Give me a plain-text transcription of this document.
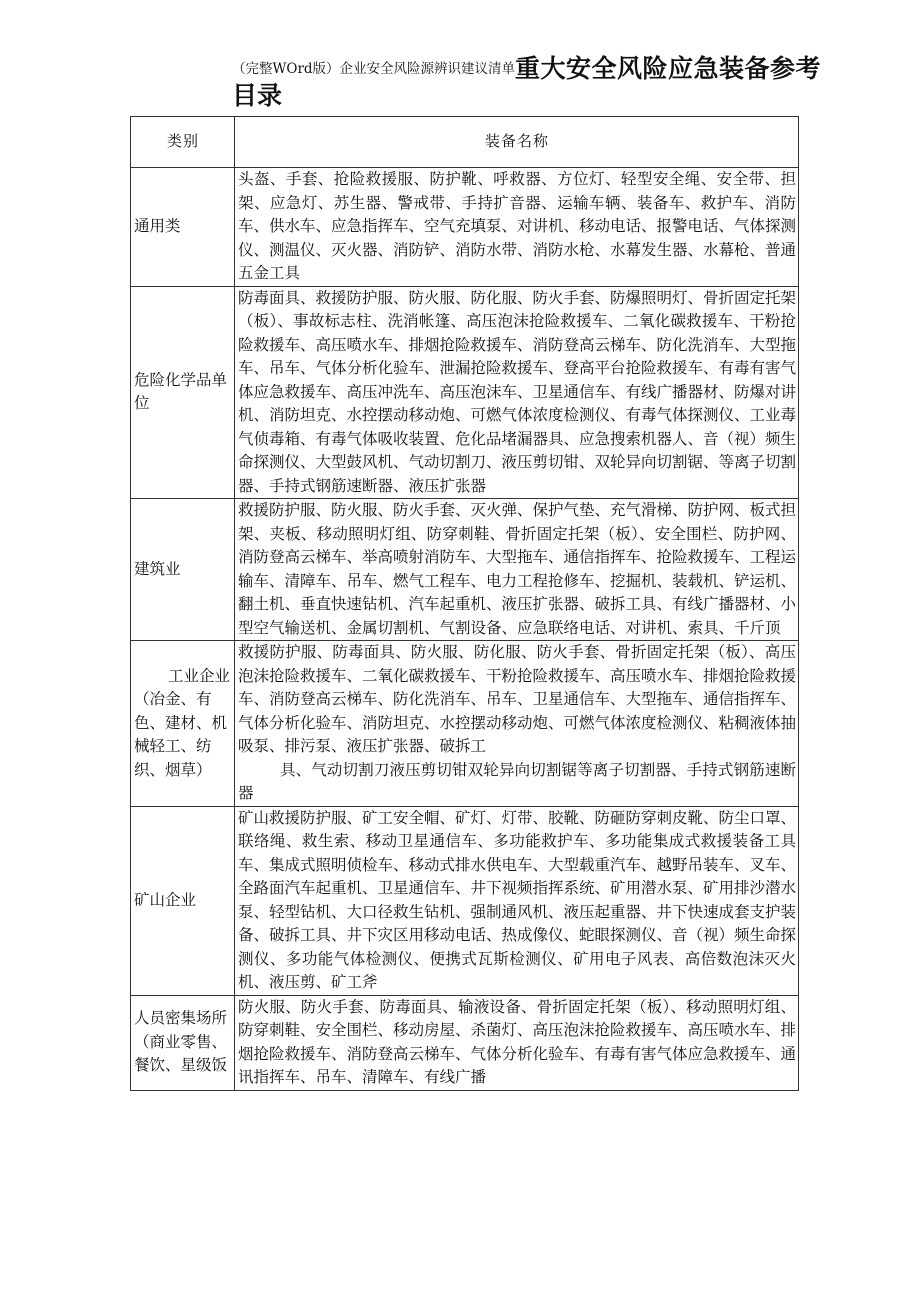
$^{(完整WOrd版)企业安全风险源辨识建议清单}$重大安全风险应急装备参考
目录
类别	装备名称
通用类	头盔、手套、抢险救援服、防护靴、呼救器、方位灯、轻型安全绳、安全带、担架、应急灯、苏生器、警戒带、手持扩音器、运输车辆、装备车、救护车、消防车、供水车、应急指挥车、空气充填泵、对讲机、移动电话、报警电话、气体探测仪、测温仪、灭火器、消防铲、消防水带、消防水枪、水幕发生器、水幕枪、普通五金工具
危险化学品单位	防毒面具、救援防护服、防火服、防化服、防火手套、防爆照明灯、骨折固定托架（板）、事故标志柱、洗消帐篷、高压泡沫抢险救援车、二氧化碳救援车、干粉抢险救援车、高压喷水车、排烟抢险救援车、消防登高云梯车、防化洗消车、大型拖车、吊车、气体分析化验车、泄漏抢险救援车、登高平台抢险救援车、有毒有害气体应急救援车、高压冲洗车、高压泡沫车、卫星通信车、有线广播器材、防爆对讲机、消防坦克、水控摆动移动炮、可燃气体浓度检测仪、有毒气体探测仪、工业毒气侦毒箱、有毒气体吸收装置、危化品堵漏器具、应急搜索机器人、音（视）频生命探测仪、大型鼓风机、气动切割刀、液压剪切钳、双轮异向切割锯、等离子切割器、手持式钢筋速断器、液压扩张器
建筑业	救援防护服、防火服、防火手套、灭火弹、保护气垫、充气滑梯、防护网、板式担架、夹板、移动照明灯组、防穿刺鞋、骨折固定托架（板）、安全围栏、防护网、消防登高云梯车、举高喷射消防车、大型拖车、通信指挥车、抢险救援车、工程运输车、清障车、吊车、燃气工程车、电力工程抢修车、挖掘机、装载机、铲运机、翻土机、垂直快速钻机、汽车起重机、液压扩张器、破拆工具、有线广播器材、小型空气输送机、金属切割机、气割设备、应急联络电话、对讲机、索具、千斤顶
工业企业（冶金、有色、建材、机械轻工、纺织、烟草）	救援防护服、防毒面具、防火服、防化服、防火手套、骨折固定托架（板）、高压泡沫抢险救援车、二氧化碳救援车、干粉抢险救援车、高压喷水车、排烟抢险救援车、消防登高云梯车、防化洗消车、吊车、卫星通信车、大型拖车、通信指挥车、气体分析化验车、消防坦克、水控摆动移动炮、可燃气体浓度检测仪、粘稠液体抽吸泵、排污泵、液压扩张器、破拆工
具、气动切割刀液压剪切钳双轮异向切割锯等离子切割器、手持式钢筋速断器

矿山企业	矿山救援防护服、矿工安全帽、矿灯、灯带、胶靴、防砸防穿刺皮靴、防尘口罩、联络绳、救生索、移动卫星通信车、多功能救护车、多功能集成式救援装备工具车、集成式照明侦检车、移动式排水供电车、大型载重汽车、越野吊装车、叉车、全路面汽车起重机、卫星通信车、井下视频指挥系统、矿用潜水泵、矿用排沙潜水泵、轻型钻机、大口径救生钻机、强制通风机、液压起重器、井下快速成套支护装备、破拆工具、井下灾区用移动电话、热成像仪、蛇眼探测仪、音（视）频生命探测仪、多功能气体检测仪、便携式瓦斯检测仪、矿用电子风表、高倍数泡沫灭火机、液压剪、矿工斧
人员密集场所（商业零售、餐饮、星级饭	防火服、防火手套、防毒面具、输液设备、骨折固定托架（板）、移动照明灯组、防穿刺鞋、安全围栏、移动房屋、杀菌灯、高压泡沫抢险救援车、高压喷水车、排烟抢险救援车、消防登高云梯车、气体分析化验车、有毒有害气体应急救援车、通讯指挥车、吊车、清障车、有线广播
